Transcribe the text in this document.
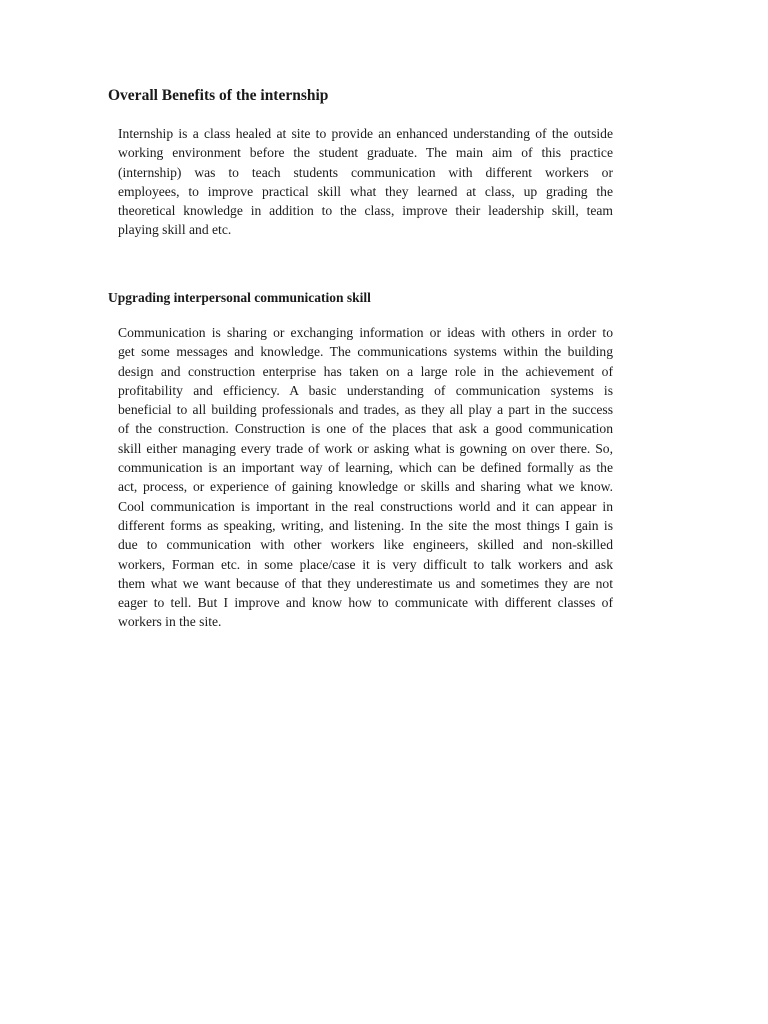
Overall Benefits of the internship
Internship is a class healed at site to provide an enhanced understanding of the outside
working environment before the student graduate. The main aim of this practice
(internship) was to teach students communication with different workers or
employees, to improve practical skill what they learned at class, up grading the
theoretical knowledge in addition to the class, improve their leadership skill, team
playing skill and etc.
Upgrading interpersonal communication skill
Communication is sharing or exchanging information or ideas with others in order to
get some messages and knowledge. The communications systems within the building
design and construction enterprise has taken on a large role in the achievement of
profitability and efficiency. A basic understanding of communication systems is
beneficial to all building professionals and trades, as they all play a part in the success
of the construction. Construction is one of the places that ask a good communication
skill either managing every trade of work or asking what is gowning on over there. So,
communication is an important way of learning, which can be defined formally as the
act, process, or experience of gaining knowledge or skills and sharing what we know.
Cool communication is important in the real constructions world and it can appear in
different forms as speaking, writing, and listening. In the site the most things I gain is
due to communication with other workers like engineers, skilled and non-skilled
workers, Forman etc. in some place/case it is very difficult to talk workers and ask
them what we want because of that they underestimate us and sometimes they are not
eager to tell. But I improve and know how to communicate with different classes of
workers in the site.
